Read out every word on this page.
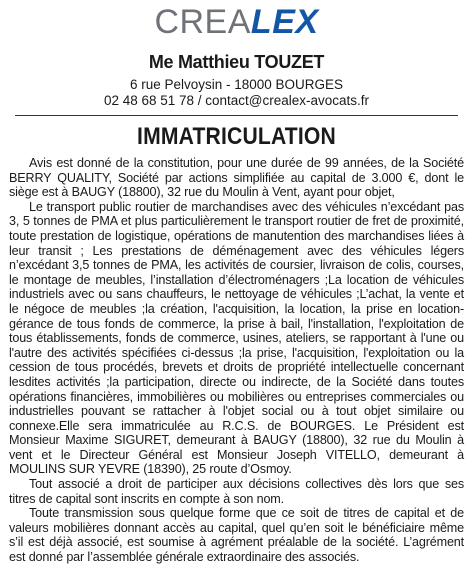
CREA LEX
Me Matthieu TOUZET
6 rue Pelvoysin - 18000 BOURGES
02 48 68 51 78 / contact@crealex-avocats.fr
IMMATRICULATION

Avis est donné de la constitution, pour une durée de 99 années, de la Société BERRY QUALITY, Société par actions simplifiée au capital de 3.000 €, dont le siège est à BAUGY (18800), 32 rue du Moulin à Vent, ayant pour objet,

Le transport public routier de marchandises avec des véhicules n’excédant pas 3, 5 tonnes de PMA et plus particulièrement le transport routier de fret de proximité, toute prestation de logistique, opérations de manutention des marchandises liées à leur transit ; Les prestations de déménagement avec des véhicules légers n’excédant 3,5 tonnes de PMA, les activités de coursier, livraison de colis, courses, le montage de meubles, l’installation d’électroménagers ;La location de véhicules industriels avec ou sans chauffeurs, le nettoyage de véhicules ;L’achat, la vente et le négoce de meubles ;la création, l'acquisition, la location, la prise en location-gérance de tous fonds de commerce, la prise à bail, l'installation, l'exploitation de tous établissements, fonds de commerce, usines, ateliers, se rapportant à l'une ou l'autre des activités spécifiées ci-dessus ;la prise, l'acquisition, l'exploitation ou la cession de tous procédés, brevets et droits de propriété intellectuelle concernant lesdites activités ;la participation, directe ou indirecte, de la Société dans toutes opérations financières, immobilières ou mobilières ou entreprises commerciales ou industrielles pouvant se rattacher à l'objet social ou à tout objet similaire ou connexe.Elle sera immatriculée au R.C.S. de BOURGES. Le Président est Monsieur Maxime SIGURET, demeurant à BAUGY (18800), 32 rue du Moulin à vent et le Directeur Général est Monsieur Joseph VITELLO, demeurant à MOULINS SUR YEVRE (18390), 25 route d’Osmoy.

Tout associé a droit de participer aux décisions collectives dès lors que ses titres de capital sont inscrits en compte à son nom.

Toute transmission sous quelque forme que ce soit de titres de capital et de valeurs mobilières donnant accès au capital, quel qu’en soit le bénéficiaire même s’il est déjà associé, est soumise à agrément préalable de la société. L’agrément est donné par l’assemblée générale extraordinaire des associés.
